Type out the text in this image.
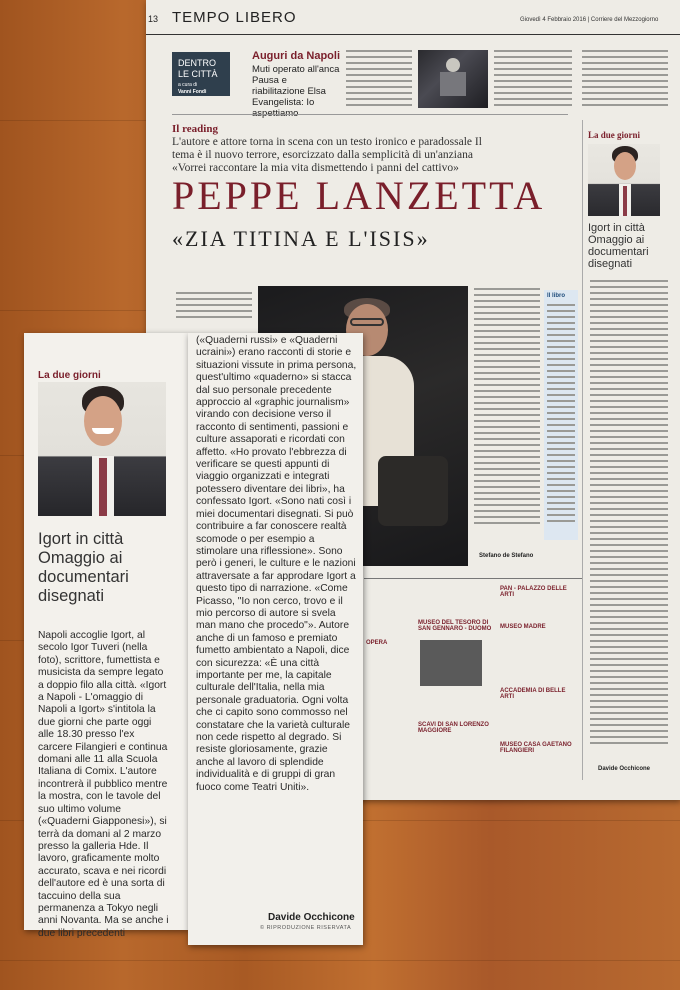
13 TEMPO LIBERO	Giovedì 4 Febbraio 2016 | Corriere del Mezzogiorno
DENTRO
LE CITTÀ
a cura di
Vanni Fondi
Auguri da Napoli
Muti operato all'anca Pausa e riabilitazione Elsa Evangelista: Io
Il reading
L'autore e attore torna in scena con un testo ironico e paradossale Il tema è il nuovo terrore, esorcizzato dalla semplicità di un'anziana «Vorrei raccontare la mia vita dismettendo i panni del cattivo»
PEPPE LANZETTA
«ZIA TITINA E L'ISIS»
La due giorni
Igort in città Omaggio ai documentari disegnati
Davide Occhicone
Stefano de Stefano
Il libro
OPERA
MUSEO DEL TESORO DI SAN GENNARO - DUOMO
PAN - PALAZZO DELLE ARTI
MUSEO MADRE
SCAVI DI SAN LORENZO MAGGIORE
ACCADEMIA DI BELLE ARTI
MUSEO CASA GAETANO FILANGIERI
La due giorni
Igort in città Omaggio ai documentari disegnati
Napoli accoglie Igort, al secolo Igor Tuveri (nella foto), scrittore, fumettista e musicista da sempre legato a doppio filo alla città. «Igort a Napoli - L'omaggio di Napoli a Igort» s'intitola la due giorni che parte oggi alle 18.30 presso l'ex carcere Filangieri e continua domani alle 11 alla Scuola Italiana di Comix. L'autore incontrerà il pubblico mentre la mostra, con le tavole del suo ultimo volume («Quaderni Giapponesi»), si terrà da domani al 2 marzo presso la galleria Hde. Il lavoro, graficamente molto accurato, scava e nei ricordi dell'autore ed è una sorta di taccuino della sua permanenza a Tokyo negli anni Novanta. Ma se anche i due libri precedenti
(«Quaderni russi» e «Quaderni ucraini») erano racconti di storie e situazioni vissute in prima persona, quest'ultimo «quaderno» si stacca dal suo personale precedente approccio al «graphic journalism» virando con decisione verso il racconto di sentimenti, passioni e culture assaporati e ricordati con affetto. «Ho provato l'ebbrezza di verificare se questi appunti di viaggio organizzati e integrati potessero diventare dei libri», ha confessato Igort. «Sono nati così i miei documentari disegnati. Si può contribuire a far conoscere realtà scomode o per esempio a stimolare una riflessione». Sono però i generi, le culture e le nazioni attraversate a far approdare Igort a questo tipo di narrazione. «Come Picasso, "Io non cerco, trovo e il mio percorso di autore si svela man mano che procedo"». Autore anche di un famoso e premiato fumetto ambientato a Napoli, dice con sicurezza: «È una città importante per me, la capitale culturale dell'Italia, nella mia personale graduatoria. Ogni volta che ci capito sono commosso nel constatare che la varietà culturale non cede rispetto al degrado. Si resiste gloriosamente, grazie anche al lavoro di splendide individualità e di gruppi di gran fuoco come Teatri Uniti».
Davide Occhicone
© RIPRODUZIONE RISERVATA
